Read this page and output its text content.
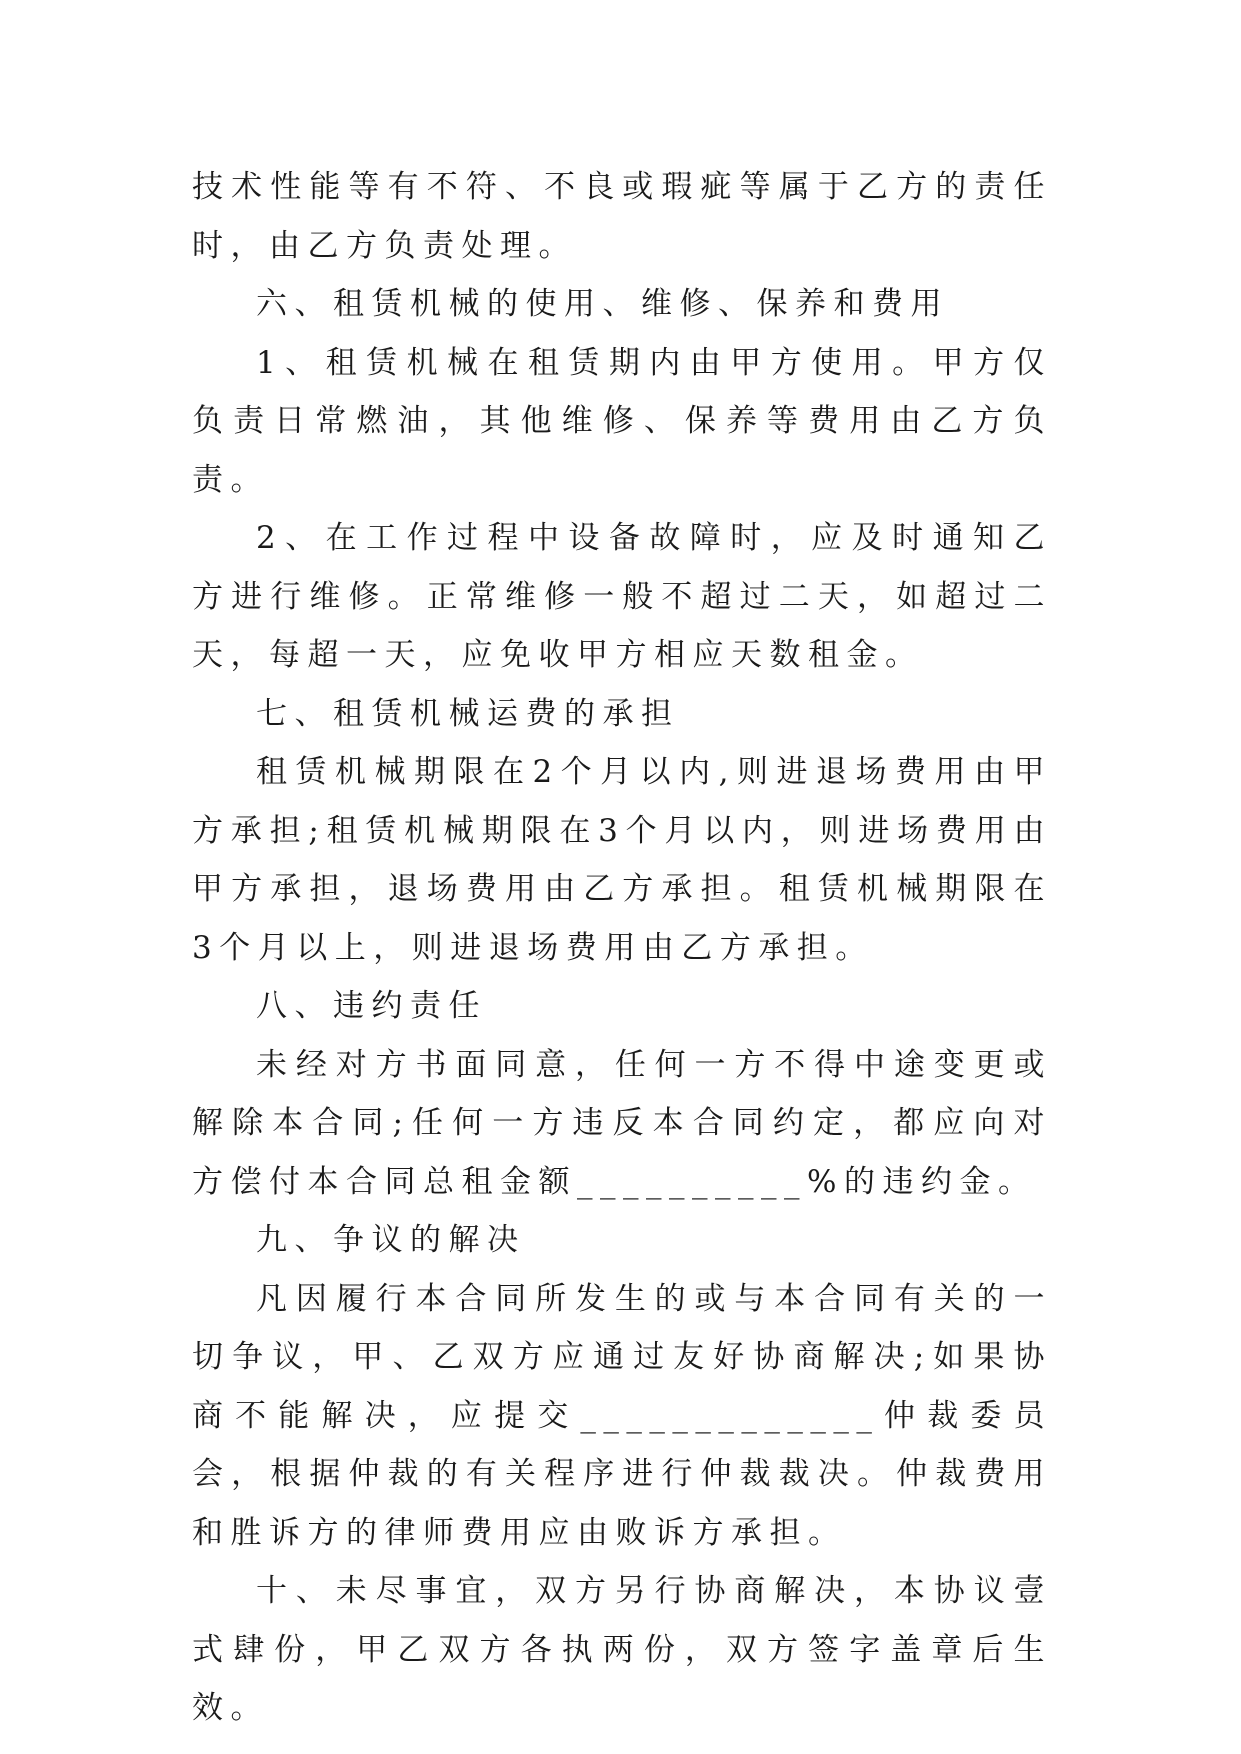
技术性能等有不符、不良或瑕疵等属于乙方的责任时，由乙方负责处理。

六、租赁机械的使用、维修、保养和费用

1、租赁机械在租赁期内由甲方使用。甲方仅负责日常燃油，其他维修、保养等费用由乙方负责。

2、在工作过程中设备故障时，应及时通知乙方进行维修。正常维修一般不超过二天，如超过二天，每超一天，应免收甲方相应天数租金。

七、租赁机械运费的承担

租赁机械期限在2个月以内,则进退场费用由甲方承担;租赁机械期限在3个月以内，则进场费用由甲方承担，退场费用由乙方承担。租赁机械期限在3个月以上，则进退场费用由乙方承担。

八、违约责任

未经对方书面同意，任何一方不得中途变更或解除本合同;任何一方违反本合同约定，都应向对方偿付本合同总租金额__________%的违约金。

九、争议的解决

凡因履行本合同所发生的或与本合同有关的一切争议，甲、乙双方应通过友好协商解决;如果协商不能解决，应提交_____________仲裁委员会，根据仲裁的有关程序进行仲裁裁决。仲裁费用和胜诉方的律师费用应由败诉方承担。

十、未尽事宜，双方另行协商解决，本协议壹式肆份，甲乙双方各执两份，双方签字盖章后生效。
